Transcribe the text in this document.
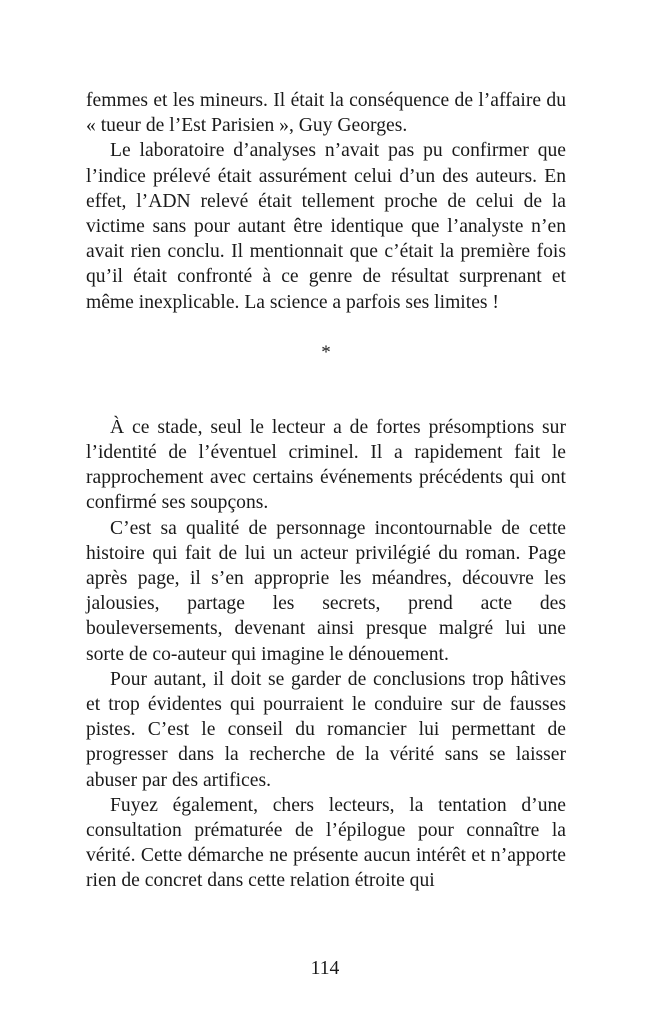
femmes et les mineurs. Il était la conséquence de l’affaire du « tueur de l’Est Parisien », Guy Georges.

Le laboratoire d’analyses n’avait pas pu confirmer que l’indice prélevé était assurément celui d’un des auteurs. En effet, l’ADN relevé était tellement proche de celui de la victime sans pour autant être identique que l’analyste n’en avait rien conclu. Il mentionnait que c’était la première fois qu’il était confronté à ce genre de résultat surprenant et même inexplicable. La science a parfois ses limites !

*

À ce stade, seul le lecteur a de fortes présomptions sur l’identité de l’éventuel criminel. Il a rapidement fait le rapprochement avec certains événements précédents qui ont confirmé ses soupçons.

C’est sa qualité de personnage incontournable de cette histoire qui fait de lui un acteur privilégié du roman. Page après page, il s’en approprie les méandres, découvre les jalousies, partage les secrets, prend acte des bouleversements, devenant ainsi presque malgré lui une sorte de co-auteur qui imagine le dénouement.

Pour autant, il doit se garder de conclusions trop hâtives et trop évidentes qui pourraient le conduire sur de fausses pistes. C’est le conseil du romancier lui permettant de progresser dans la recherche de la vérité sans se laisser abuser par des artifices.

Fuyez également, chers lecteurs, la tentation d’une consultation prématurée de l’épilogue pour connaître la vérité. Cette démarche ne présente aucun intérêt et n’apporte rien de concret dans cette relation étroite qui

114
